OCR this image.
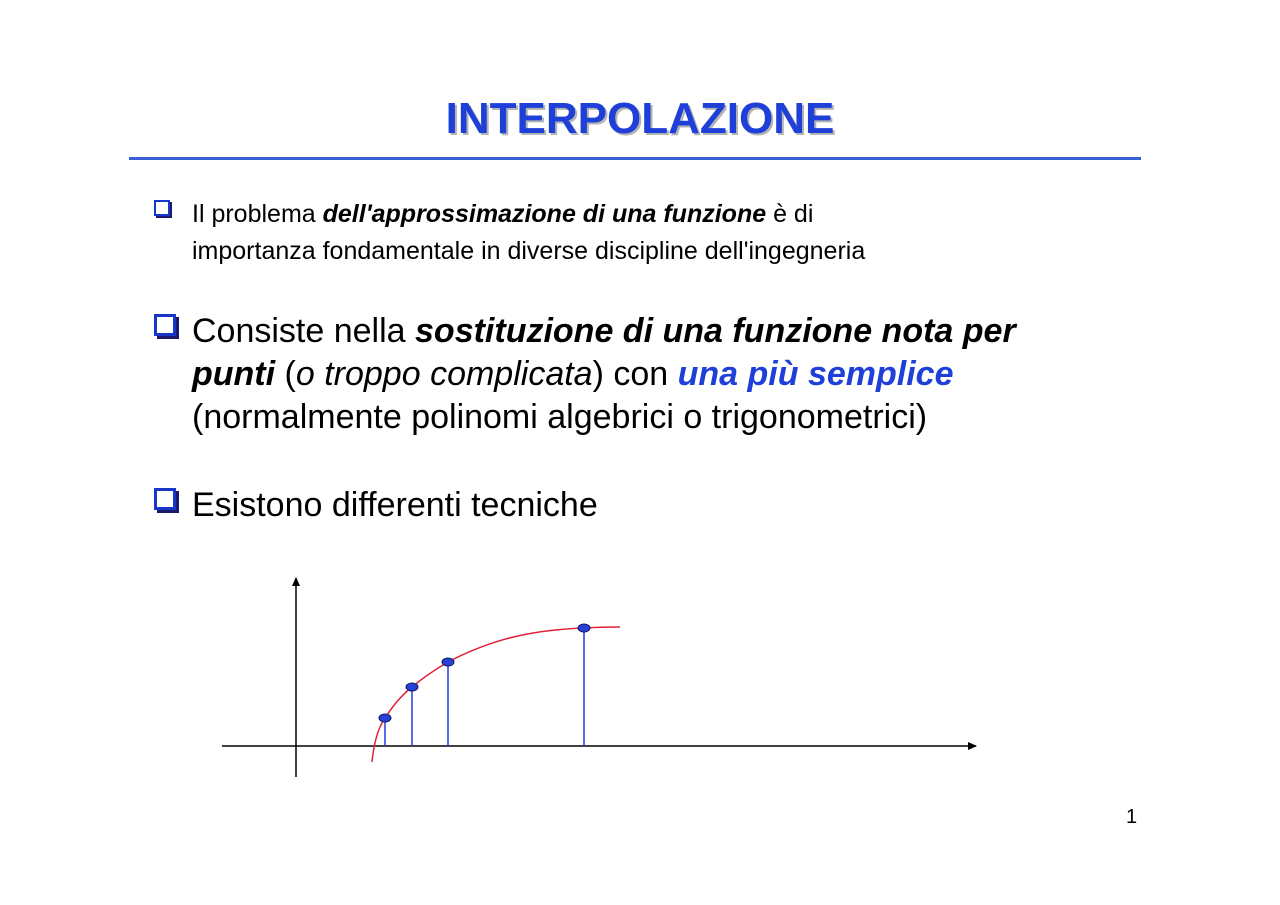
INTERPOLAZIONE
Il problema dell'approssimazione di una funzione è di
importanza fondamentale in diverse discipline dell'ingegneria
Consiste nella sostituzione di una funzione nota per
punti (o troppo complicata) con una più semplice
(normalmente polinomi algebrici o trigonometrici)
Esistono differenti tecniche
1
